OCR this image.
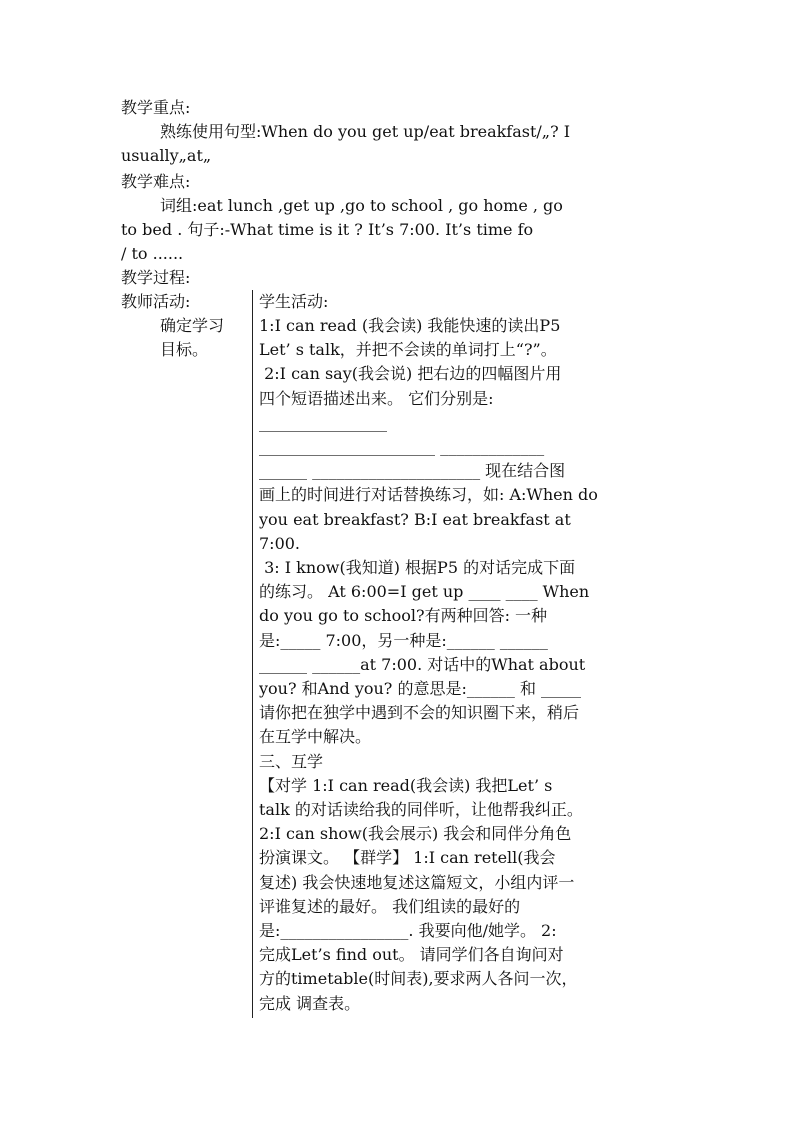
教学重点:
熟练使用句型:When do you get up/eat breakfast/„? I
usually„at„
教学难点:
词组:eat lunch ,get up ,go to school , go home , go
to bed . 句子:-What time is it ? It’s 7:00. It’s time fo
/ to ......
教学过程:
教师活动:
确定学习
目标。
学生活动:
1:I can read (我会读) 我能快速的读出P5
Let’ s talk，并把不会读的单词打上“?”。
2:I can say(我会说) 把右边的四幅图片用
四个短语描述出来。 它们分别是:
________________
______________________ _____________
______ _____________________ 现在结合图
画上的时间进行对话替换练习，如: A:When do
you eat breakfast? B:I eat breakfast at
7:00.
3: I know(我知道) 根据P5 的对话完成下面
的练习。 At 6:00=I get up ____ ____ When
do you go to school?有两种回答: 一种
是:_____ 7:00，另一种是:______ ______
______ ______at 7:00. 对话中的What about
you? 和And you? 的意思是:______ 和 _____
请你把在独学中遇到不会的知识圈下来，稍后
在互学中解决。
三、互学
【对学 1:I can read(我会读) 我把Let’ s
talk 的对话读给我的同伴听，让他帮我纠正。
2:I can show(我会展示) 我会和同伴分角色
扮演课文。 【群学】 1:I can retell(我会
复述) 我会快速地复述这篇短文，小组内评一
评谁复述的最好。 我们组读的最好的
是:________________. 我要向他/她学。 2:
完成Let’s find out。 请同学们各自询问对
方的timetable(时间表),要求两人各问一次，
完成 调查表。
